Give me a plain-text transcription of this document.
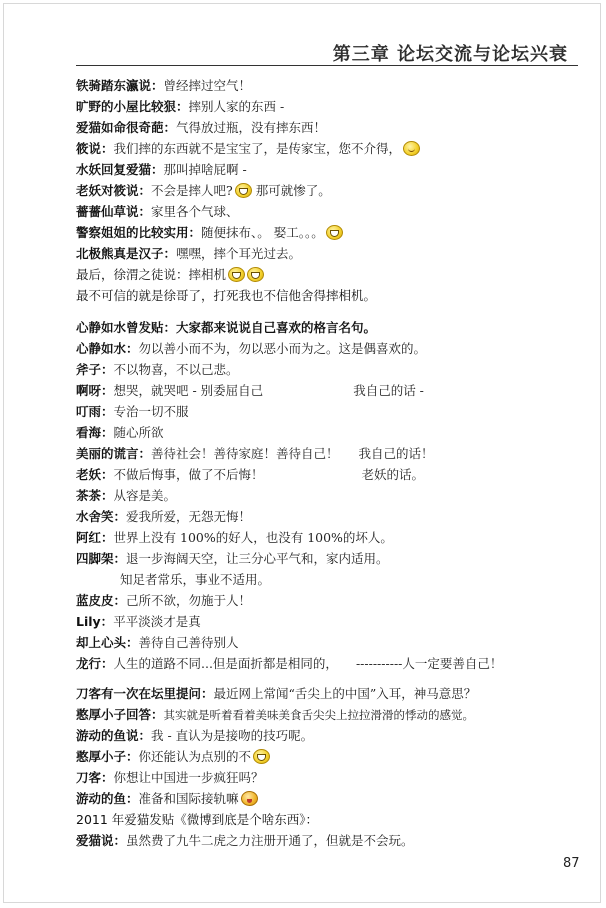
第三章 论坛交流与论坛兴衰
铁骑踏东瀛说：曾经摔过空气！
旷野的小屋比较狠：摔别人家的东西 -
爱猫如命很奇葩：气得放过瓶，没有摔东西！
筱说：我们摔的东西就不是宝宝了，是传家宝，您不介得，
水妖回复爱猫：那叫掉啥屁啊 -
老妖对筱说：不会是摔人吧? 那可就惨了。
薔薔仙草说：家里各个气球、
警察姐姐的比较实用：随便抹布、。 娶工。。。
北极熊真是汉子：嘿嘿，摔个耳光过去。
最后，徐渭之徒说：摔相机
最不可信的就是徐哥了，打死我也不信他舍得摔相机。
心静如水曾发贴：大家都来说说自己喜欢的格言名句。
心静如水：勿以善小而不为，勿以恶小而为之。这是偶喜欢的。
斧子：不以物喜，不以己悲。
啊呀：想哭，就哭吧 - 别委屈自己	我自己的话 -
叮雨：专治一切不服
看海：随心所欲
美丽的谎言：善待社会！善待家庭！善待自己！ 我自己的话！
老妖：不做后悔事，做了不后悔！	老妖的话。
茶茶：从容是美。
水舍笑：爱我所爱，无怨无悔！
阿红：世界上没有 100%的好人，也没有 100%的坏人。
四脚架：退一步海阔天空，让三分心平气和，家内适用。
知足者常乐，事业不适用。
蓝皮皮：己所不欲，勿施于人！
Lily：平平淡淡才是真
却上心头：善待自己善待别人
龙行：人生的道路不同...但是面折都是相同的， -----------人一定要善自己！
刀客有一次在坛里提问：最近网上常闻“舌尖上的中国”入耳，神马意思？
憨厚小子回答：其实就是听着看着美味美食舌尖尖上拉拉滑滑的悸动的感觉。
游动的鱼说：我 - 直认为是接吻的技巧呢。
憨厚小子：你还能认为点别的不
刀客：你想让中国进一步疯狂吗？
游动的鱼：准备和国际接轨嘛
2011 年爱猫发贴《微博到底是个啥东西》：
爱猫说：虽然费了九牛二虎之力注册开通了，但就是不会玩。
87
